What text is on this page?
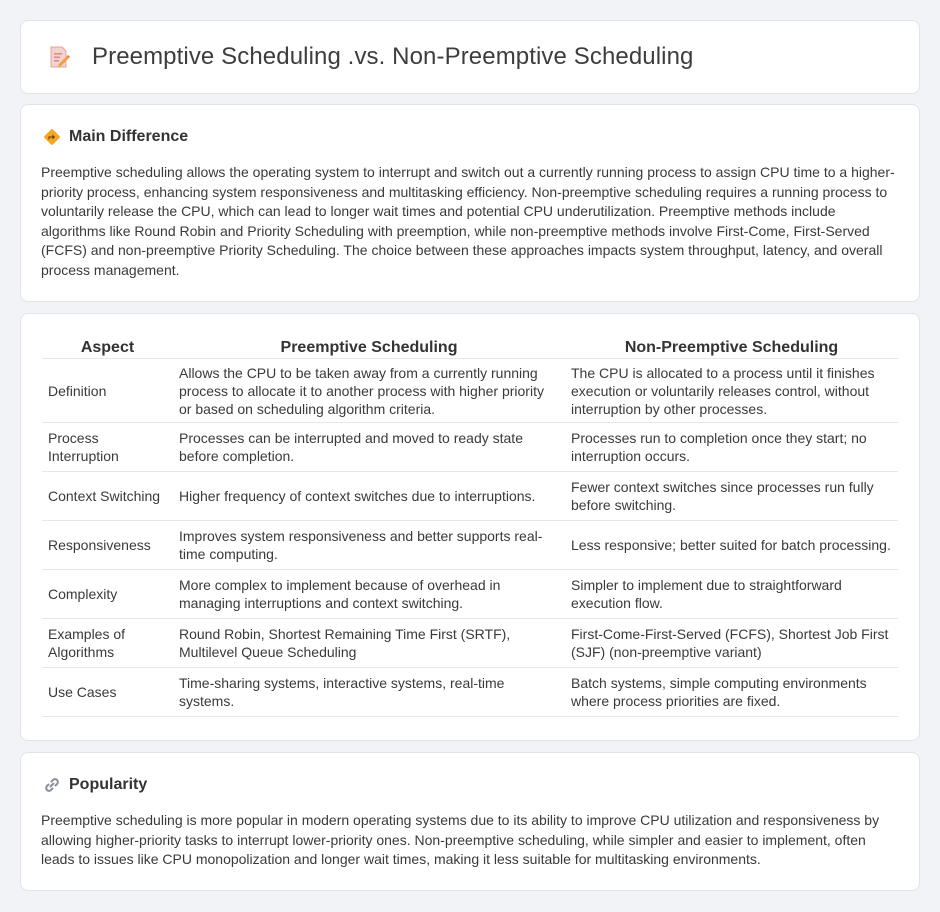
Preemptive Scheduling .vs. Non-Preemptive Scheduling
Main Difference

Preemptive scheduling allows the operating system to interrupt and switch out a currently running process to assign CPU time to a higher-priority process, enhancing system responsiveness and multitasking efficiency. Non-preemptive scheduling requires a running process to voluntarily release the CPU, which can lead to longer wait times and potential CPU underutilization. Preemptive methods include algorithms like Round Robin and Priority Scheduling with preemption, while non-preemptive methods involve First-Come, First-Served (FCFS) and non-preemptive Priority Scheduling. The choice between these approaches impacts system throughput, latency, and overall process management.

Aspect	Preemptive Scheduling	Non-Preemptive Scheduling
Definition	Allows the CPU to be taken away from a currently running process to allocate it to another process with higher priority or based on scheduling algorithm criteria.	The CPU is allocated to a process until it finishes execution or voluntarily releases control, without interruption by other processes.
Process Interruption	Processes can be interrupted and moved to ready state before completion.	Processes run to completion once they start; no interruption occurs.
Context Switching	Higher frequency of context switches due to interruptions.	Fewer context switches since processes run fully before switching.
Responsiveness	Improves system responsiveness and better supports real-time computing.	Less responsive; better suited for batch processing.
Complexity	More complex to implement because of overhead in managing interruptions and context switching.	Simpler to implement due to straightforward execution flow.
Examples of Algorithms	Round Robin, Shortest Remaining Time First (SRTF), Multilevel Queue Scheduling	First-Come-First-Served (FCFS), Shortest Job First (SJF) (non-preemptive variant)
Use Cases	Time-sharing systems, interactive systems, real-time systems.	Batch systems, simple computing environments where process priorities are fixed.
Popularity

Preemptive scheduling is more popular in modern operating systems due to its ability to improve CPU utilization and responsiveness by allowing higher-priority tasks to interrupt lower-priority ones. Non-preemptive scheduling, while simpler and easier to implement, often leads to issues like CPU monopolization and longer wait times, making it less suitable for multitasking environments.
